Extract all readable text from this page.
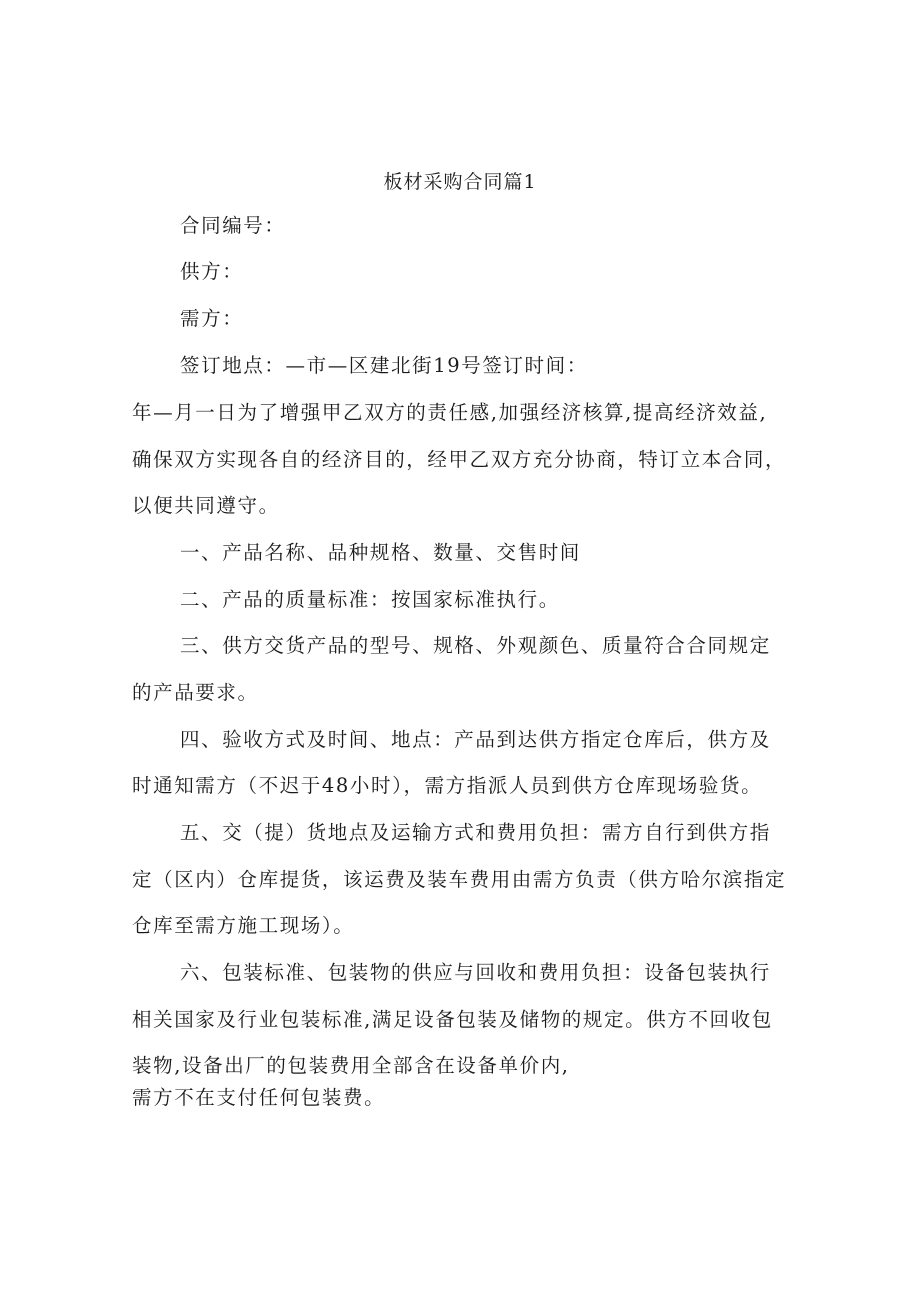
板材采购合同篇1
合同编号：
供方：
需方：
签订地点：—市—区建北街19号签订时间：
年—月一日为了增强甲乙双方的责任感,加强经济核算,提高经济效益,
确保双方实现各自的经济目的，经甲乙双方充分协商，特订立本合同，
以便共同遵守。
一、产品名称、品种规格、数量、交售时间
二、产品的质量标准：按国家标准执行。
三、供方交货产品的型号、规格、外观颜色、质量符合合同规定
的产品要求。
四、验收方式及时间、地点：产品到达供方指定仓库后，供方及
时通知需方（不迟于48小时），需方指派人员到供方仓库现场验货。
五、交（提）货地点及运输方式和费用负担：需方自行到供方指
定（区内）仓库提货，该运费及装车费用由需方负责（供方哈尔滨指定
仓库至需方施工现场）。
六、包装标准、包装物的供应与回收和费用负担：设备包装执行
相关国家及行业包装标准,满足设备包装及储物的规定。供方不回收包
装物,设备出厂的包装费用全部含在设备单价内,
需方不在支付任何包装费。
